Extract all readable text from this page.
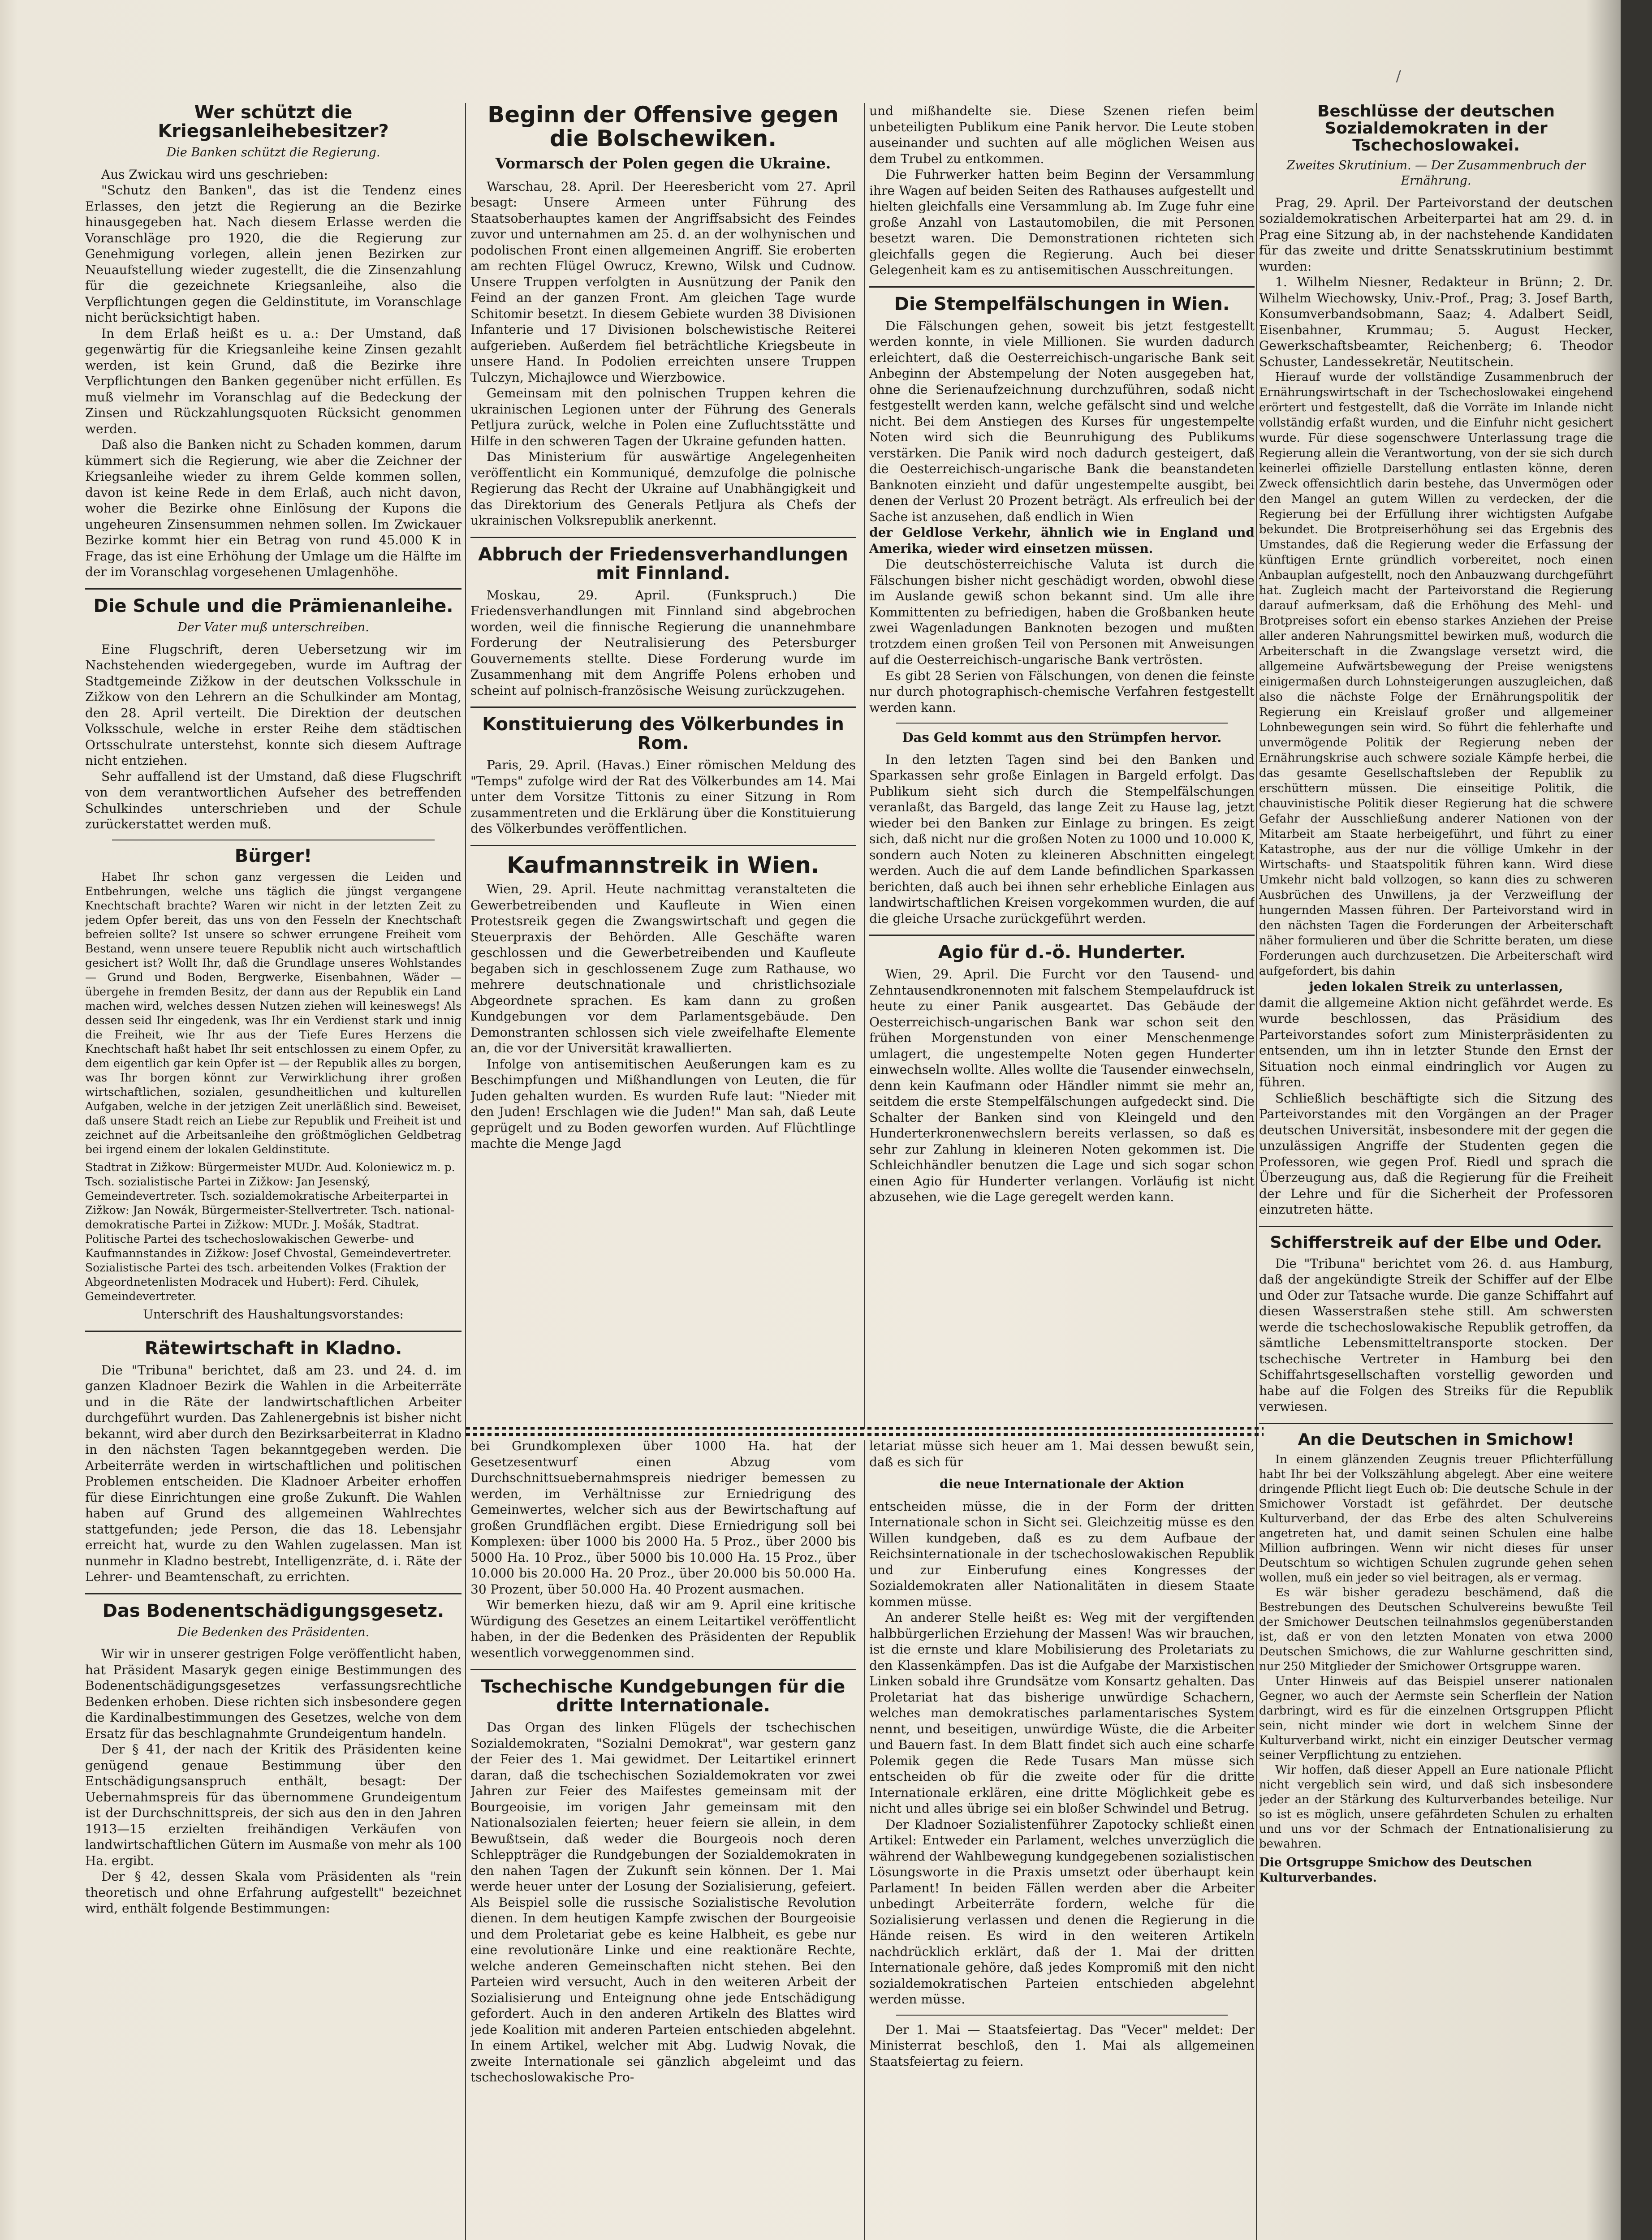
/
Wer schützt die Kriegsanleihebesitzer?
Die Banken schützt die Regierung.

Aus Zwickau wird uns geschrieben:

"Schutz den Banken", das ist die Tendenz eines Erlasses, den jetzt die Regierung an die Bezirke hinausgegeben hat. Nach diesem Erlasse werden die Voranschläge pro 1920, die die Regierung zur Genehmigung vorlegen, allein jenen Bezirken zur Neuaufstellung wieder zugestellt, die die Zinsenzahlung für die gezeichnete Kriegsanleihe, also die Verpflichtungen gegen die Geldinstitute, im Voranschlage nicht berücksichtigt haben.

In dem Erlaß heißt es u. a.: Der Umstand, daß gegenwärtig für die Kriegsanleihe keine Zinsen gezahlt werden, ist kein Grund, daß die Bezirke ihre Verpflichtungen den Banken gegenüber nicht erfüllen. Es muß vielmehr im Voranschlag auf die Bedeckung der Zinsen und Rückzahlungsquoten Rücksicht genommen werden.

Daß also die Banken nicht zu Schaden kommen, darum kümmert sich die Regierung, wie aber die Zeichner der Kriegsanleihe wieder zu ihrem Gelde kommen sollen, davon ist keine Rede in dem Erlaß, auch nicht davon, woher die Bezirke ohne Einlösung der Kupons die ungeheuren Zinsensummen nehmen sollen. Im Zwickauer Bezirke kommt hier ein Betrag von rund 45.000 K in Frage, das ist eine Erhöhung der Umlage um die Hälfte im der im Voranschlag vorgesehenen Umlagenhöhe.

Die Schule und die Prämienanleihe.
Der Vater muß unterschreiben.

Eine Flugschrift, deren Uebersetzung wir im Nachstehenden wiedergegeben, wurde im Auftrag der Stadtgemeinde Zižkow in der deutschen Volksschule in Zižkow von den Lehrern an die Schulkinder am Montag, den 28. April verteilt. Die Direktion der deutschen Volksschule, welche in erster Reihe dem städtischen Ortsschulrate unterstehst, konnte sich diesem Auftrage nicht entziehen.

Sehr auffallend ist der Umstand, daß diese Flugschrift von dem verantwortlichen Aufseher des betreffenden Schulkindes unterschrieben und der Schule zurückerstattet werden muß.

Bürger!

Habet Ihr schon ganz vergessen die Leiden und Entbehrungen, welche uns täglich die jüngst vergangene Knechtschaft brachte? Waren wir nicht in der letzten Zeit zu jedem Opfer bereit, das uns von den Fesseln der Knechtschaft befreien sollte? Ist unsere so schwer errungene Freiheit vom Bestand, wenn unsere teuere Republik nicht auch wirtschaftlich gesichert ist? Wollt Ihr, daß die Grundlage unseres Wohlstandes — Grund und Boden, Bergwerke, Eisenbahnen, Wäder — übergehe in fremden Besitz, der dann aus der Republik ein Land machen wird, welches dessen Nutzen ziehen will keineswegs! Als dessen seid Ihr eingedenk, was Ihr ein Verdienst stark und innig die Freiheit, wie Ihr aus der Tiefe Eures Herzens die Knechtschaft haßt habet Ihr seit entschlossen zu einem Opfer, zu dem eigentlich gar kein Opfer ist — der Republik alles zu borgen, was Ihr borgen könnt zur Verwirklichung ihrer großen wirtschaftlichen, sozialen, gesundheitlichen und kulturellen Aufgaben, welche in der jetzigen Zeit unerläßlich sind. Beweiset, daß unsere Stadt reich an Liebe zur Republik und Freiheit ist und zeichnet auf die Arbeitsanleihe den größtmöglichen Geldbetrag bei irgend einem der lokalen Geldinstitute.

Stadtrat in Zižkow: Bürgermeister MUDr. Aud. Koloniewicz m. p. Tsch. sozialistische Partei in Zižkow: Jan Jesenský, Gemeindevertreter. Tsch. sozialdemokratische Arbeiterpartei in Zižkow: Jan Nowák, Bürgermeister-Stellvertreter. Tsch. national-demokratische Partei in Zižkow: MUDr. J. Mošák, Stadtrat. Politische Partei des tschechoslowakischen Gewerbe- und Kaufmannstandes in Zižkow: Josef Chvostal, Gemeindevertreter. Sozialistische Partei des tsch. arbeitenden Volkes (Fraktion der Abgeordnetenlisten Modracek und Hubert): Ferd. Cihulek, Gemeindevertreter.
Unterschrift des Haushaltungsvorstandes:
Rätewirtschaft in Kladno.

Die "Tribuna" berichtet, daß am 23. und 24. d. im ganzen Kladnoer Bezirk die Wahlen in die Arbeiterräte und in die Räte der landwirtschaftlichen Arbeiter durchgeführt wurden. Das Zahlenergebnis ist bisher nicht bekannt, wird aber durch den Bezirksarbeiterrat in Kladno in den nächsten Tagen bekanntgegeben werden. Die Arbeiterräte werden in wirtschaftlichen und politischen Problemen entscheiden. Die Kladnoer Arbeiter erhoffen für diese Einrichtungen eine große Zukunft. Die Wahlen haben auf Grund des allgemeinen Wahlrechtes stattgefunden; jede Person, die das 18. Lebensjahr erreicht hat, wurde zu den Wahlen zugelassen. Man ist nunmehr in Kladno bestrebt, Intelligenzräte, d. i. Räte der Lehrer- und Beamtenschaft, zu errichten.

Das Bodenentschädigungsgesetz.
Die Bedenken des Präsidenten.

Wir wir in unserer gestrigen Folge veröffentlicht haben, hat Präsident Masaryk gegen einige Bestimmungen des Bodenentschädigungsgesetzes verfassungsrechtliche Bedenken erhoben. Diese richten sich insbesondere gegen die Kardinalbestimmungen des Gesetzes, welche von dem Ersatz für das beschlagnahmte Grundeigentum handeln.

Der § 41, der nach der Kritik des Präsidenten keine genügend genaue Bestimmung über den Entschädigungsanspruch enthält, besagt: Der Uebernahmspreis für das übernommene Grundeigentum ist der Durchschnittspreis, der sich aus den in den Jahren 1913—15 erzielten freihändigen Verkäufen von landwirtschaftlichen Gütern im Ausmaße von mehr als 100 Ha. ergibt.

Der § 42, dessen Skala vom Präsidenten als "rein theoretisch und ohne Erfahrung aufgestellt" bezeichnet wird, enthält folgende Bestimmungen:

Beginn der Offensive gegen die Bolschewiken.
Vormarsch der Polen gegen die Ukraine.

Warschau, 28. April. Der Heeresbericht vom 27. April besagt: Unsere Armeen unter Führung des Staatsoberhauptes kamen der Angriffsabsicht des Feindes zuvor und unternahmen am 25. d. an der wolhynischen und podolischen Front einen allgemeinen Angriff. Sie eroberten am rechten Flügel Owrucz, Krewno, Wilsk und Cudnow. Unsere Truppen verfolgten in Ausnützung der Panik den Feind an der ganzen Front. Am gleichen Tage wurde Schitomir besetzt. In diesem Gebiete wurden 38 Divisionen Infanterie und 17 Divisionen bolschewistische Reiterei aufgerieben. Außerdem fiel beträchtliche Kriegsbeute in unsere Hand. In Podolien erreichten unsere Truppen Tulczyn, Michajlowce und Wierzbowice.

Gemeinsam mit den polnischen Truppen kehren die ukrainischen Legionen unter der Führung des Generals Petljura zurück, welche in Polen eine Zufluchtsstätte und Hilfe in den schweren Tagen der Ukraine gefunden hatten.

Das Ministerium für auswärtige Angelegenheiten veröffentlicht ein Kommuniqué, demzufolge die polnische Regierung das Recht der Ukraine auf Unabhängigkeit und das Direktorium des Generals Petljura als Chefs der ukrainischen Volksrepublik anerkennt.

Abbruch der Friedensverhandlungen mit Finnland.

Moskau, 29. April. (Funkspruch.) Die Friedensverhandlungen mit Finnland sind abgebrochen worden, weil die finnische Regierung die unannehmbare Forderung der Neutralisierung des Petersburger Gouvernements stellte. Diese Forderung wurde im Zusammenhang mit dem Angriffe Polens erhoben und scheint auf polnisch-französische Weisung zurückzugehen.

Konstituierung des Völkerbundes in Rom.

Paris, 29. April. (Havas.) Einer römischen Meldung des "Temps" zufolge wird der Rat des Völkerbundes am 14. Mai unter dem Vorsitze Tittonis zu einer Sitzung in Rom zusammentreten und die Erklärung über die Konstituierung des Völkerbundes veröffentlichen.

Kaufmannstreik in Wien.

Wien, 29. April. Heute nachmittag veranstalteten die Gewerbetreibenden und Kaufleute in Wien einen Protestsreik gegen die Zwangswirtschaft und gegen die Steuerpraxis der Behörden. Alle Geschäfte waren geschlossen und die Gewerbetreibenden und Kaufleute begaben sich in geschlossenem Zuge zum Rathause, wo mehrere deutschnationale und christlichsoziale Abgeordnete sprachen. Es kam dann zu großen Kundgebungen vor dem Parlamentsgebäude. Den Demonstranten schlossen sich viele zweifelhafte Elemente an, die vor der Universität krawallierten.

Infolge von antisemitischen Aeußerungen kam es zu Beschimpfungen und Mißhandlungen von Leuten, die für Juden gehalten wurden. Es wurden Rufe laut: "Nieder mit den Juden! Erschlagen wie die Juden!" Man sah, daß Leute geprügelt und zu Boden geworfen wurden. Auf Flüchtlinge machte die Menge Jagd

und mißhandelte sie. Diese Szenen riefen beim unbeteiligten Publikum eine Panik hervor. Die Leute stoben auseinander und suchten auf alle möglichen Weisen aus dem Trubel zu entkommen.

Die Fuhrwerker hatten beim Beginn der Versammlung ihre Wagen auf beiden Seiten des Rathauses aufgestellt und hielten gleichfalls eine Versammlung ab. Im Zuge fuhr eine große Anzahl von Lastautomobilen, die mit Personen besetzt waren. Die Demonstrationen richteten sich gleichfalls gegen die Regierung. Auch bei dieser Gelegenheit kam es zu antisemitischen Ausschreitungen.

Die Stempelfälschungen in Wien.

Die Fälschungen gehen, soweit bis jetzt festgestellt werden konnte, in viele Millionen. Sie wurden dadurch erleichtert, daß die Oesterreichisch-ungarische Bank seit Anbeginn der Abstempelung der Noten ausgegeben hat, ohne die Serienaufzeichnung durchzuführen, sodaß nicht festgestellt werden kann, welche gefälscht sind und welche nicht. Bei dem Anstiegen des Kurses für ungestempelte Noten wird sich die Beunruhigung des Publikums verstärken. Die Panik wird noch dadurch gesteigert, daß die Oesterreichisch-ungarische Bank die beanstandeten Banknoten einzieht und dafür ungestempelte ausgibt, bei denen der Verlust 20 Prozent beträgt. Als erfreulich bei der Sache ist anzusehen, daß endlich in Wien

der Geldlose Verkehr, ähnlich wie in England und Amerika, wieder wird einsetzen müssen.

Die deutschösterreichische Valuta ist durch die Fälschungen bisher nicht geschädigt worden, obwohl diese im Auslande gewiß schon bekannt sind. Um alle ihre Kommittenten zu befriedigen, haben die Großbanken heute zwei Wagenladungen Banknoten bezogen und mußten trotzdem einen großen Teil von Personen mit Anweisungen auf die Oesterreichisch-ungarische Bank vertrösten.

Es gibt 28 Serien von Fälschungen, von denen die feinste nur durch photographisch-chemische Verfahren festgestellt werden kann.

Das Geld kommt aus den Strümpfen hervor.

In den letzten Tagen sind bei den Banken und Sparkassen sehr große Einlagen in Bargeld erfolgt. Das Publikum sieht sich durch die Stempelfälschungen veranlaßt, das Bargeld, das lange Zeit zu Hause lag, jetzt wieder bei den Banken zur Einlage zu bringen. Es zeigt sich, daß nicht nur die großen Noten zu 1000 und 10.000 K, sondern auch Noten zu kleineren Abschnitten eingelegt werden. Auch die auf dem Lande befindlichen Sparkassen berichten, daß auch bei ihnen sehr erhebliche Einlagen aus landwirtschaftlichen Kreisen vorgekommen wurden, die auf die gleiche Ursache zurückgeführt werden.

Agio für d.-ö. Hunderter.

Wien, 29. April. Die Furcht vor den Tausend- und Zehntausendkronennoten mit falschem Stempelaufdruck ist heute zu einer Panik ausgeartet. Das Gebäude der Oesterreichisch-ungarischen Bank war schon seit den frühen Morgenstunden von einer Menschenmenge umlagert, die ungestempelte Noten gegen Hunderter einwechseln wollte. Alles wollte die Tausender einwechseln, denn kein Kaufmann oder Händler nimmt sie mehr an, seitdem die erste Stempelfälschungen aufgedeckt sind. Die Schalter der Banken sind von Kleingeld und den Hunderterkronenwechslern bereits verlassen, so daß es sehr zur Zahlung in kleineren Noten gekommen ist. Die Schleichhändler benutzen die Lage und sich sogar schon einen Agio für Hunderter verlangen. Vorläufig ist nicht abzusehen, wie die Lage geregelt werden kann.

Beschlüsse der deutschen Sozialdemokraten in der Tschechoslowakei.
Zweites Skrutinium. — Der Zusammenbruch der Ernährung.

Prag, 29. April. Der Parteivorstand der deutschen sozialdemokratischen Arbeiterpartei hat am 29. d. in Prag eine Sitzung ab, in der nachstehende Kandidaten für das zweite und dritte Senatsskrutinium bestimmt wurden:

1. Wilhelm Niesner, Redakteur in Brünn; 2. Dr. Wilhelm Wiechowsky, Univ.-Prof., Prag; 3. Josef Barth, Konsumverbandsobmann, Saaz; 4. Adalbert Seidl, Eisenbahner, Krummau; 5. August Hecker, Gewerkschaftsbeamter, Reichenberg; 6. Theodor Schuster, Landessekretär, Neutitschein.

Hierauf wurde der vollständige Zusammenbruch der Ernährungswirtschaft in der Tschechoslowakei eingehend erörtert und festgestellt, daß die Vorräte im Inlande nicht vollständig erfaßt wurden, und die Einfuhr nicht gesichert wurde. Für diese sogenschwere Unterlassung trage die Regierung allein die Verantwortung, von der sie sich durch keinerlei offizielle Darstellung entlasten könne, deren Zweck offensichtlich darin bestehe, das Unvermögen oder den Mangel an gutem Willen zu verdecken, der die Regierung bei der Erfüllung ihrer wichtigsten Aufgabe bekundet. Die Brotpreiserhöhung sei das Ergebnis des Umstandes, daß die Regierung weder die Erfassung der künftigen Ernte gründlich vorbereitet, noch einen Anbauplan aufgestellt, noch den Anbauzwang durchgeführt hat. Zugleich macht der Parteivorstand die Regierung darauf aufmerksam, daß die Erhöhung des Mehl- und Brotpreises sofort ein ebenso starkes Anziehen der Preise aller anderen Nahrungsmittel bewirken muß, wodurch die Arbeiterschaft in die Zwangslage versetzt wird, die allgemeine Aufwärtsbewegung der Preise wenigstens einigermaßen durch Lohnsteigerungen auszugleichen, daß also die nächste Folge der Ernährungspolitik der Regierung ein Kreislauf großer und allgemeiner Lohnbewegungen sein wird. So führt die fehlerhafte und unvermögende Politik der Regierung neben der Ernährungskrise auch schwere soziale Kämpfe herbei, die das gesamte Gesellschaftsleben der Republik zu erschüttern müssen. Die einseitige Politik, die chauvinistische Politik dieser Regierung hat die schwere Gefahr der Ausschließung anderer Nationen von der Mitarbeit am Staate herbeigeführt, und führt zu einer Katastrophe, aus der nur die völlige Umkehr in der Wirtschafts- und Staatspolitik führen kann. Wird diese Umkehr nicht bald vollzogen, so kann dies zu schweren Ausbrüchen des Unwillens, ja der Verzweiflung der hungernden Massen führen. Der Parteivorstand wird in den nächsten Tagen die Forderungen der Arbeiterschaft näher formulieren und über die Schritte beraten, um diese Forderungen auch durchzusetzen. Die Arbeiterschaft wird aufgefordert, bis dahin

jeden lokalen Streik zu unterlassen,

damit die allgemeine Aktion nicht gefährdet werde. Es wurde beschlossen, das Präsidium des Parteivorstandes sofort zum Ministerpräsidenten zu entsenden, um ihn in letzter Stunde den Ernst der Situation noch einmal eindringlich vor Augen zu führen.

Schließlich beschäftigte sich die Sitzung des Parteivorstandes mit den Vorgängen an der Prager deutschen Universität, insbesondere mit der gegen die unzulässigen Angriffe der Studenten gegen die Professoren, wie gegen Prof. Riedl und sprach die Überzeugung aus, daß die Regierung für die Freiheit der Lehre und für die Sicherheit der Professoren einzutreten hätte.

Schifferstreik auf der Elbe und Oder.

Die "Tribuna" berichtet vom 26. d. aus Hamburg, daß der angekündigte Streik der Schiffer auf der Elbe und Oder zur Tatsache wurde. Die ganze Schiffahrt auf diesen Wasserstraßen stehe still. Am schwersten werde die tschechoslowakische Republik getroffen, da sämtliche Lebensmitteltransporte stocken. Der tschechische Vertreter in Hamburg bei den Schiffahrtsgesellschaften vorstellig geworden und habe auf die Folgen des Streiks für die Republik verwiesen.

An die Deutschen in Smichow!

In einem glänzenden Zeugnis treuer Pflichterfüllung habt Ihr bei der Volkszählung abgelegt. Aber eine weitere dringende Pflicht liegt Euch ob: Die deutsche Schule in der Smichower Vorstadt ist gefährdet. Der deutsche Kulturverband, der das Erbe des alten Schulvereins angetreten hat, und damit seinen Schulen eine halbe Million aufbringen. Wenn wir nicht dieses für unser Deutschtum so wichtigen Schulen zugrunde gehen sehen wollen, muß ein jeder so viel beitragen, als er vermag.

Es wär bisher geradezu beschämend, daß die Bestrebungen des Deutschen Schulvereins bewußte Teil der Smichower Deutschen teilnahmslos gegenüberstanden ist, daß er von den letzten Monaten von etwa 2000 Deutschen Smichows, die zur Wahlurne geschritten sind, nur 250 Mitglieder der Smichower Ortsgruppe waren.

Unter Hinweis auf das Beispiel unserer nationalen Gegner, wo auch der Aermste sein Scherflein der Nation darbringt, wird es für die einzelnen Ortsgruppen Pflicht sein, nicht minder wie dort in welchem Sinne der Kulturverband wirkt, nicht ein einziger Deutscher vermag seiner Verpflichtung zu entziehen.

Wir hoffen, daß dieser Appell an Eure nationale Pflicht nicht vergeblich sein wird, und daß sich insbesondere jeder an der Stärkung des Kulturverbandes beteilige. Nur so ist es möglich, unsere gefährdeten Schulen zu erhalten und uns vor der Schmach der Entnationalisierung zu bewahren.

Die Ortsgruppe Smichow des Deutschen Kulturverbandes.

bei Grundkomplexen über 1000 Ha. hat der Gesetzesentwurf einen Abzug vom Durchschnittsuebernahmspreis niedriger bemessen zu werden, im Verhältnisse zur Erniedrigung des Gemeinwertes, welcher sich aus der Bewirtschaftung auf großen Grundflächen ergibt. Diese Erniedrigung soll bei Komplexen: über 1000 bis 2000 Ha. 5 Proz., über 2000 bis 5000 Ha. 10 Proz., über 5000 bis 10.000 Ha. 15 Proz., über 10.000 bis 20.000 Ha. 20 Proz., über 20.000 bis 50.000 Ha. 30 Prozent, über 50.000 Ha. 40 Prozent ausmachen.

Wir bemerken hiezu, daß wir am 9. April eine kritische Würdigung des Gesetzes an einem Leitartikel veröffentlicht haben, in der die Bedenken des Präsidenten der Republik wesentlich vorweggenommen sind.

Tschechische Kundgebungen für die dritte Internationale.

Das Organ des linken Flügels der tschechischen Sozialdemokraten, "Sozialni Demokrat", war gestern ganz der Feier des 1. Mai gewidmet. Der Leitartikel erinnert daran, daß die tschechischen Sozialdemokraten vor zwei Jahren zur Feier des Maifestes gemeinsam mit der Bourgeoisie, im vorigen Jahr gemeinsam mit den Nationalsozialen feierten; heuer feiern sie allein, in dem Bewußtsein, daß weder die Bourgeois noch deren Schleppträger die Rundgebungen der Sozialdemokraten in den nahen Tagen der Zukunft sein können. Der 1. Mai werde heuer unter der Losung der Sozialisierung, gefeiert. Als Beispiel solle die russische Sozialistische Revolution dienen. In dem heutigen Kampfe zwischen der Bourgeoisie und dem Proletariat gebe es keine Halbheit, es gebe nur eine revolutionäre Linke und eine reaktionäre Rechte, welche anderen Gemeinschaften nicht stehen. Bei den Parteien wird versucht, Auch in den weiteren Arbeit der Sozialisierung und Enteignung ohne jede Entschädigung gefordert. Auch in den anderen Artikeln des Blattes wird jede Koalition mit anderen Parteien entschieden abgelehnt. In einem Artikel, welcher mit Abg. Ludwig Novak, die zweite Internationale sei gänzlich abgeleimt und das tschechoslowakische Pro-

letariat müsse sich heuer am 1. Mai dessen bewußt sein, daß es sich für

die neue Internationale der Aktion

entscheiden müsse, die in der Form der dritten Internationale schon in Sicht sei. Gleichzeitig müsse es den Willen kundgeben, daß es zu dem Aufbaue der Reichsinternationale in der tschechoslowakischen Republik und zur Einberufung eines Kongresses der Sozialdemokraten aller Nationalitäten in diesem Staate kommen müsse.

An anderer Stelle heißt es: Weg mit der vergiftenden halbbürgerlichen Erziehung der Massen! Was wir brauchen, ist die ernste und klare Mobilisierung des Proletariats zu den Klassenkämpfen. Das ist die Aufgabe der Marxistischen Linken sobald ihre Grundsätze vom Konsartz gehalten. Das Proletariat hat das bisherige unwürdige Schachern, welches man demokratisches parlamentarisches System nennt, und beseitigen, unwürdige Wüste, die die Arbeiter und Bauern fast. In dem Blatt findet sich auch eine scharfe Polemik gegen die Rede Tusars Man müsse sich entscheiden ob für die zweite oder für die dritte Internationale erklären, eine dritte Möglichkeit gebe es nicht und alles übrige sei ein bloßer Schwindel und Betrug.

Der Kladnoer Sozialistenführer Zapotocky schließt einen Artikel: Entweder ein Parlament, welches unverzüglich die während der Wahlbewegung kundgegebenen sozialistischen Lösungsworte in die Praxis umsetzt oder überhaupt kein Parlament! In beiden Fällen werden aber die Arbeiter unbedingt Arbeiterräte fordern, welche für die Sozialisierung verlassen und denen die Regierung in die Hände reisen. Es wird in den weiteren Artikeln nachdrücklich erklärt, daß der 1. Mai der dritten Internationale gehöre, daß jedes Kompromiß mit den nicht sozialdemokratischen Parteien entschieden abgelehnt werden müsse.

Der 1. Mai — Staatsfeiertag. Das "Vecer" meldet: Der Ministerrat beschloß, den 1. Mai als allgemeinen Staatsfeiertag zu feiern.
